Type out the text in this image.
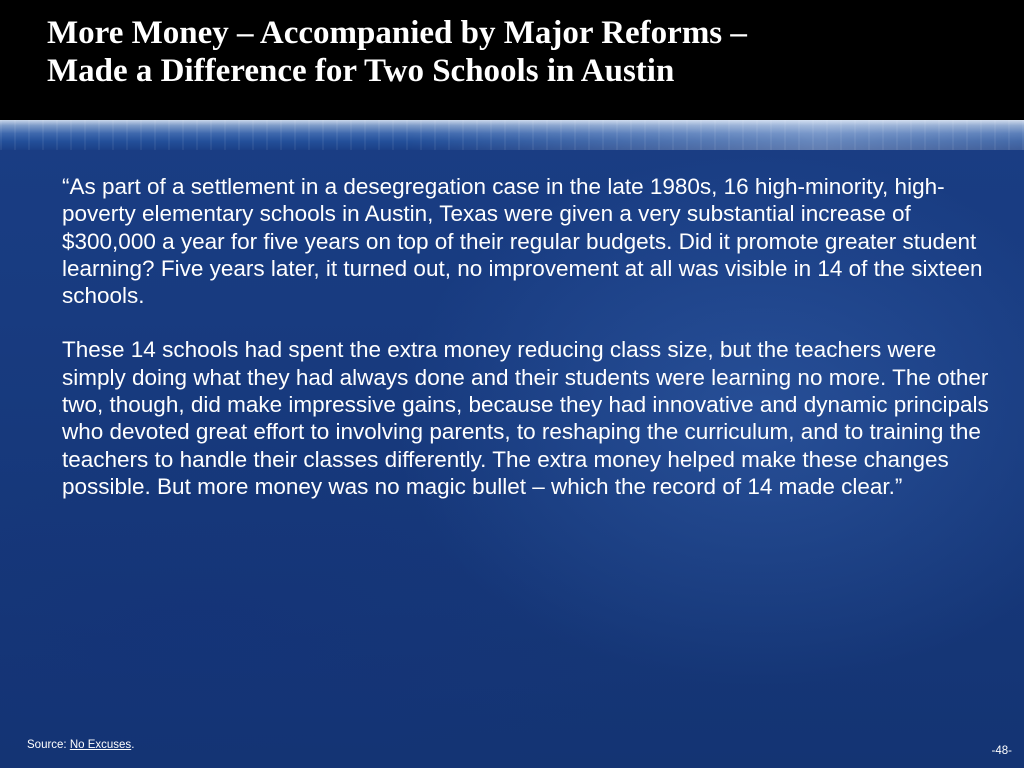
More Money – Accompanied by Major Reforms –
Made a Difference for Two Schools in Austin

“As part of a settlement in a desegregation case in the late 1980s, 16 high-minority, high-poverty elementary schools in Austin, Texas were given a very substantial increase of $300,000 a year for five years on top of their regular budgets. Did it promote greater student learning? Five years later, it turned out, no improvement at all was visible in 14 of the sixteen schools.

These 14 schools had spent the extra money reducing class size, but the teachers were simply doing what they had always done and their students were learning no more. The other two, though, did make impressive gains, because they had innovative and dynamic principals who devoted great effort to involving parents, to reshaping the curriculum, and to training the teachers to handle their classes differently. The extra money helped make these changes possible. But more money was no magic bullet – which the record of 14 made clear.”

Source: No Excuses.	-48-
